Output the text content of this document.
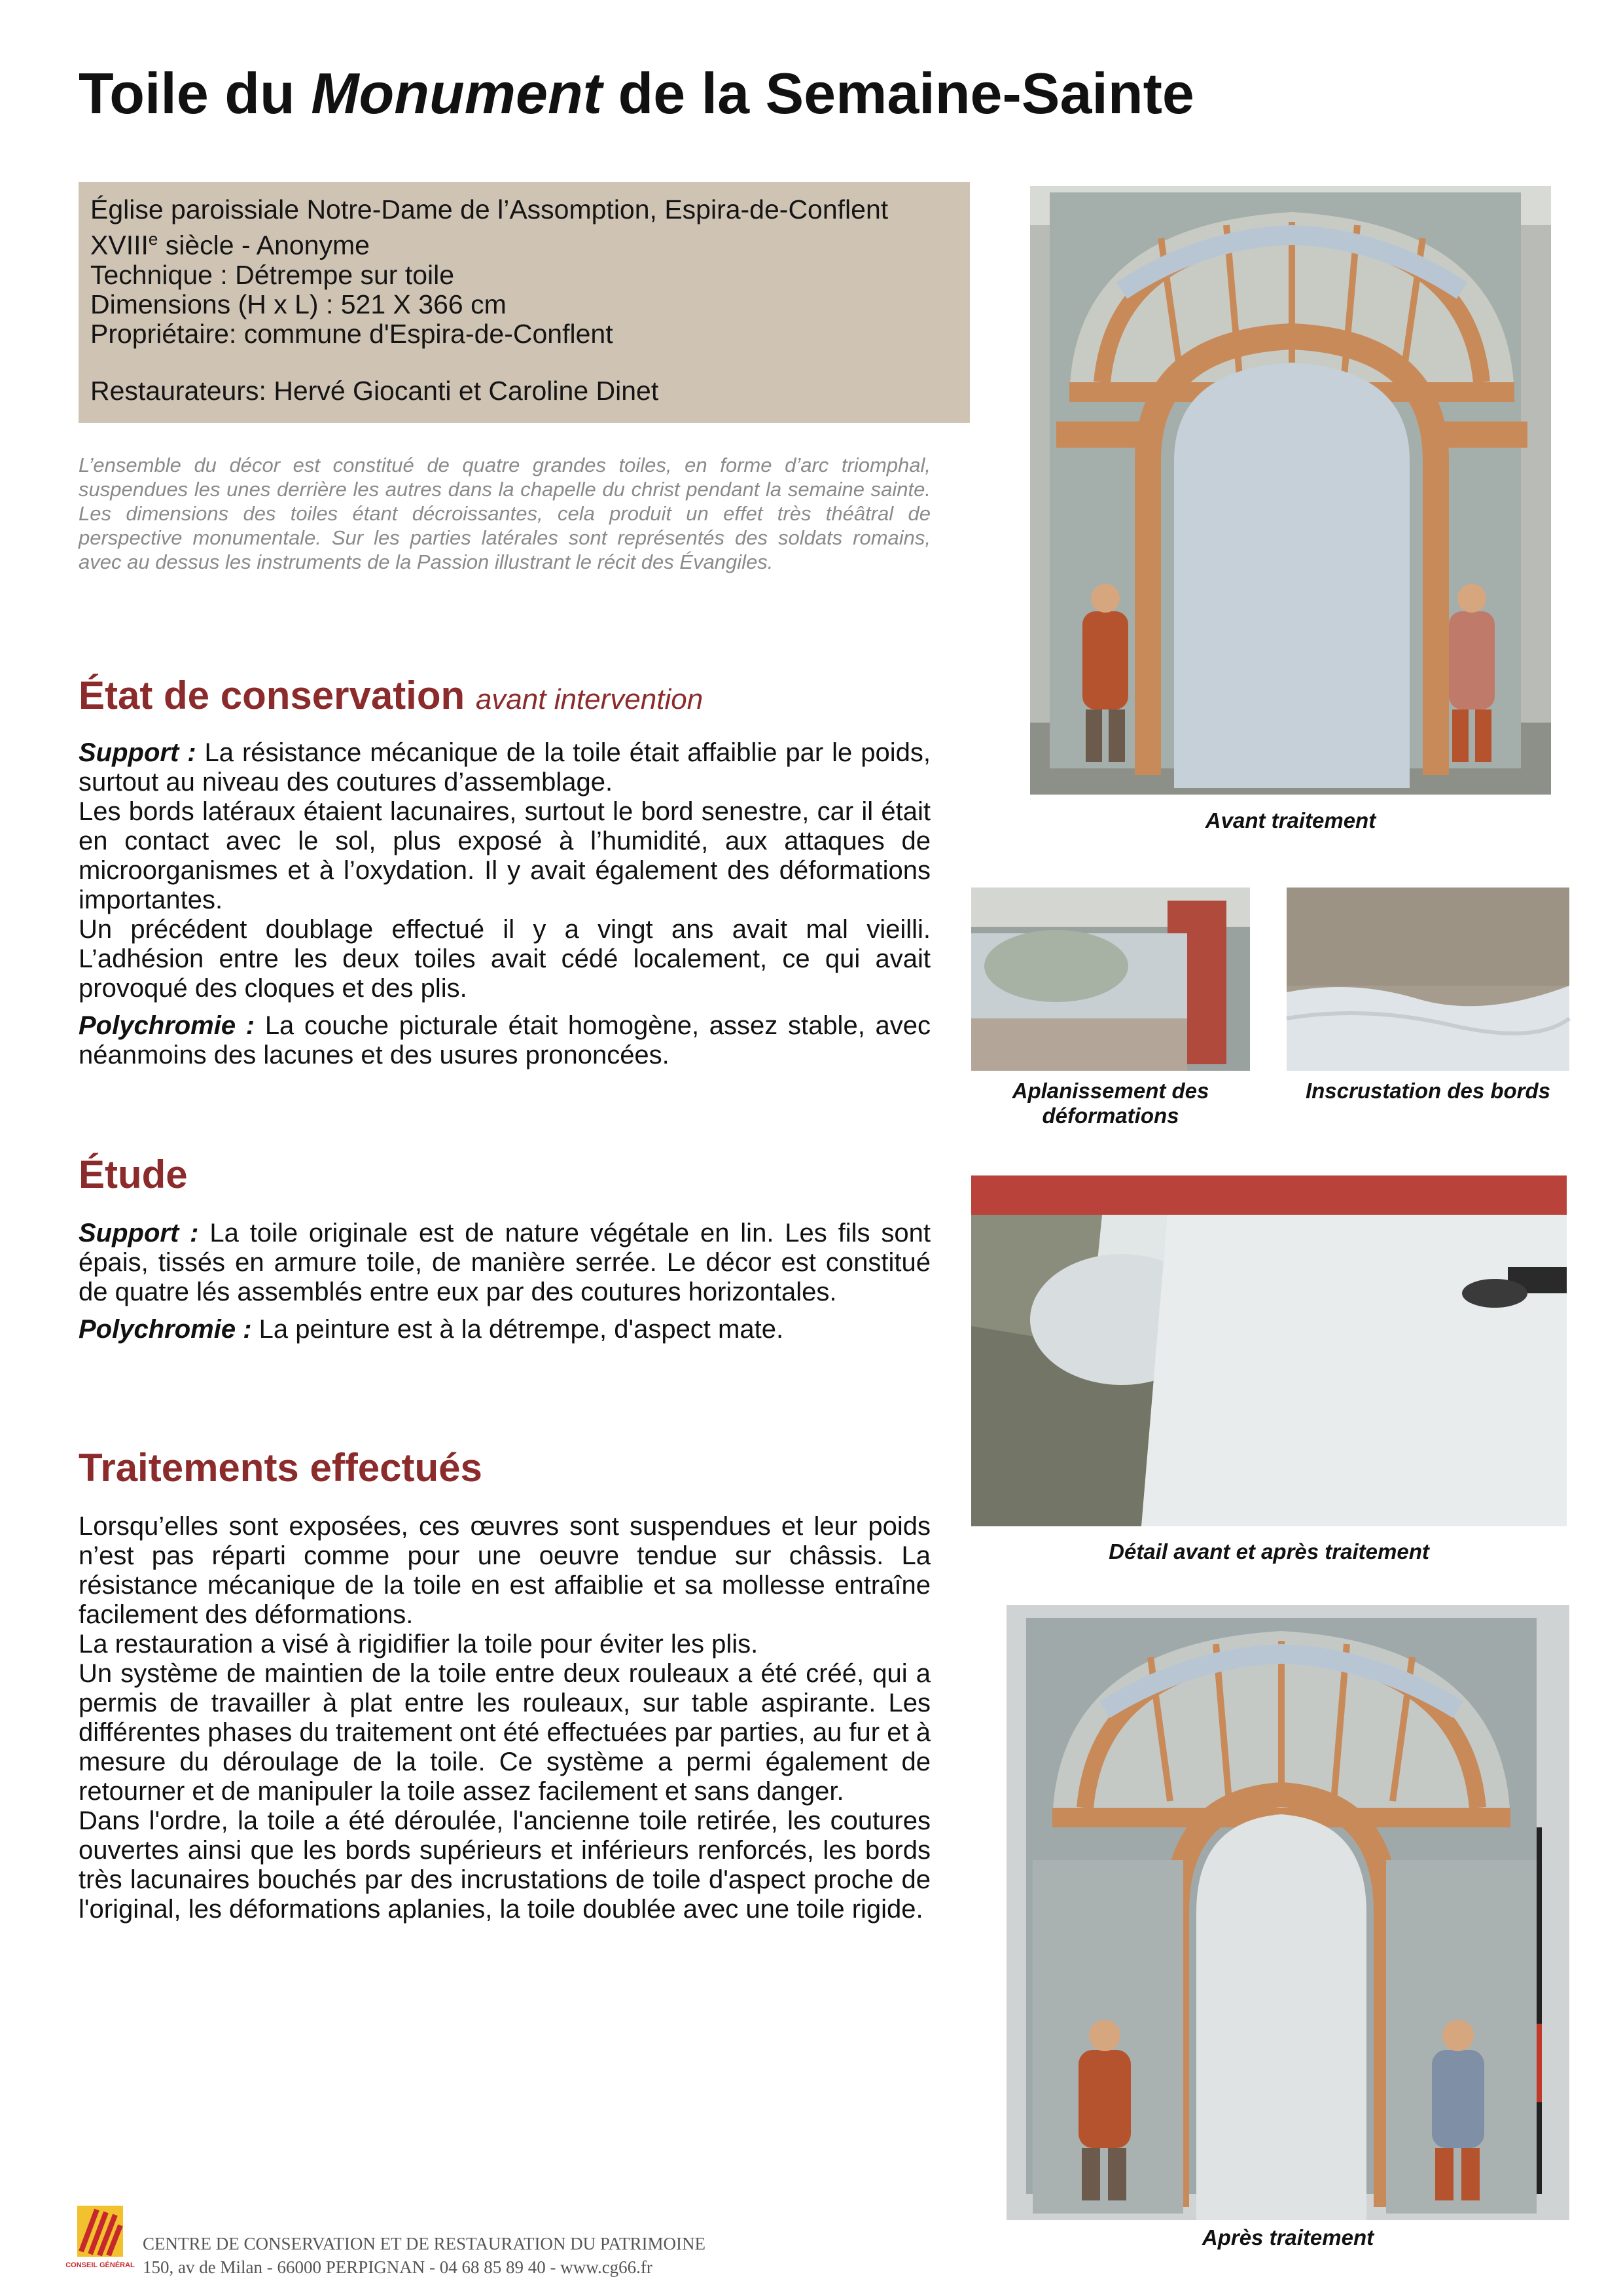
Toile du Monument de la Semaine-Sainte
Église paroissiale Notre-Dame de l’Assomption, Espira-de-Conflent
XVIIIe siècle - Anonyme
Technique : Détrempe sur toile
Dimensions (H x L) : 521 X 366 cm
Propriétaire: commune d'Espira-de-Conflent
Restaurateurs: Hervé Giocanti et Caroline Dinet
L’ensemble du décor est constitué de quatre grandes toiles, en forme d’arc triomphal, suspendues les unes derrière les autres dans la chapelle du christ pendant la semaine sainte. Les dimensions des toiles étant décroissantes, cela produit un effet très théâtral de perspective monumentale. Sur les parties latérales sont représentés des soldats romains, avec au dessus les instruments de la Passion illustrant le récit des Évangiles.
État de conservation avant intervention

Support : La résistance mécanique de la toile était affaiblie par le poids, surtout au niveau des coutures d’assemblage.

Les bords latéraux étaient lacunaires, surtout le bord senestre, car il était en contact avec le sol, plus exposé à l’humidité, aux attaques de microorganismes et à l’oxydation. Il y avait également des déformations importantes.

Un précédent doublage effectué il y a vingt ans avait mal vieilli. L’adhésion entre les deux toiles avait cédé localement, ce qui avait provoqué des cloques et des plis.

Polychromie : La couche picturale était homogène, assez stable, avec néanmoins des lacunes et des usures prononcées.

Étude

Support : La toile originale est de nature végétale en lin. Les fils sont épais, tissés en armure toile, de manière serrée. Le décor est constitué de quatre lés assemblés entre eux par des coutures horizontales.

Polychromie : La peinture est à la détrempe, d'aspect mate.

Traitements effectués

Lorsqu’elles sont exposées, ces œuvres sont suspendues et leur poids n’est pas réparti comme pour une oeuvre tendue sur châssis. La résistance mécanique de la toile en est affaiblie et sa mollesse entraîne facilement des déformations.

La restauration a visé à rigidifier la toile pour éviter les plis.

Un système de maintien de la toile entre deux rouleaux a été créé, qui a permis de travailler à plat entre les rouleaux, sur table aspirante. Les différentes phases du traitement ont été effectuées par parties, au fur et à mesure du déroulage de la toile. Ce système a permi également de retourner et de manipuler la toile assez facilement et sans danger.

Dans l'ordre, la toile a été déroulée, l'ancienne toile retirée, les coutures ouvertes ainsi que les bords supérieurs et inférieurs renforcés, les bords très lacunaires bouchés par des incrustations de toile d'aspect proche de l'original, les déformations aplanies, la toile doublée avec une toile rigide.

Avant traitement
Aplanissement des
déformations
Inscrustation des bords
Détail avant et après traitement
Après traitement
CONSEIL GÉNÉRAL
CENTRE DE CONSERVATION ET DE RESTAURATION DU PATRIMOINE
150, av de Milan - 66000 PERPIGNAN - 04 68 85 89 40 - www.cg66.fr
